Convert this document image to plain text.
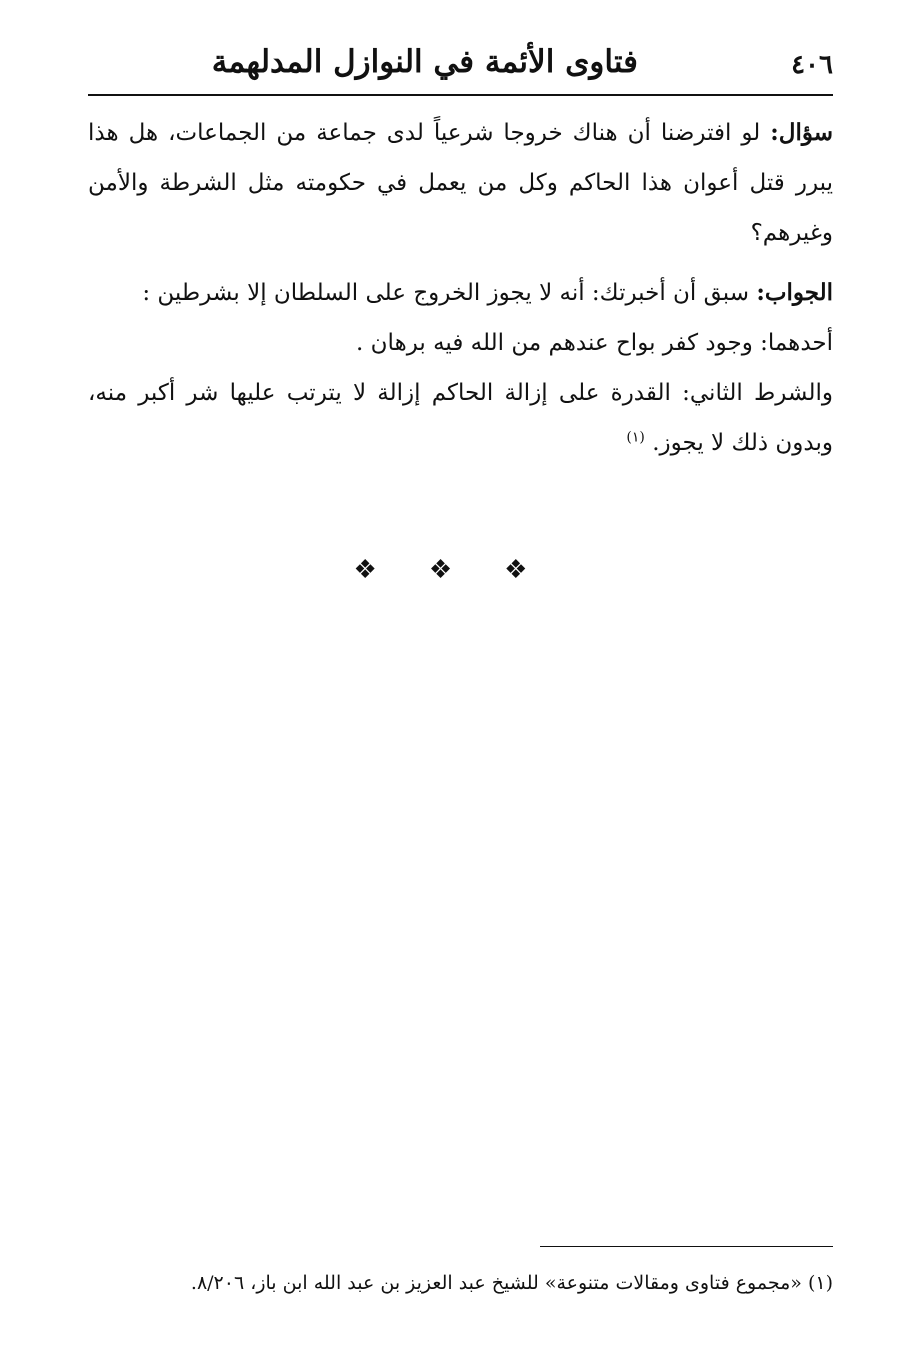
٤٠٦
فتاوى الأئمة في النوازل المدلهمة

سؤال: لو افترضنا أن هناك خروجا شرعياً لدى جماعة من الجماعات، هل هذا يبرر قتل أعوان هذا الحاكم وكل من يعمل في حكومته مثل الشرطة والأمن وغيرهم؟

الجواب: سبق أن أخبرتك: أنه لا يجوز الخروج على السلطان إلا بشرطين :

أحدهما: وجود كفر بواح عندهم من الله فيه برهان .

والشرط الثاني: القدرة على إزالة الحاكم إزالة لا يترتب عليها شر أكبر منه، وبدون ذلك لا يجوز. $^{(١)}$

❖ ❖ ❖
(١) «مجموع فتاوى ومقالات متنوعة» للشيخ عبد العزيز بن عبد الله ابن باز، ٨/٢٠٦.
